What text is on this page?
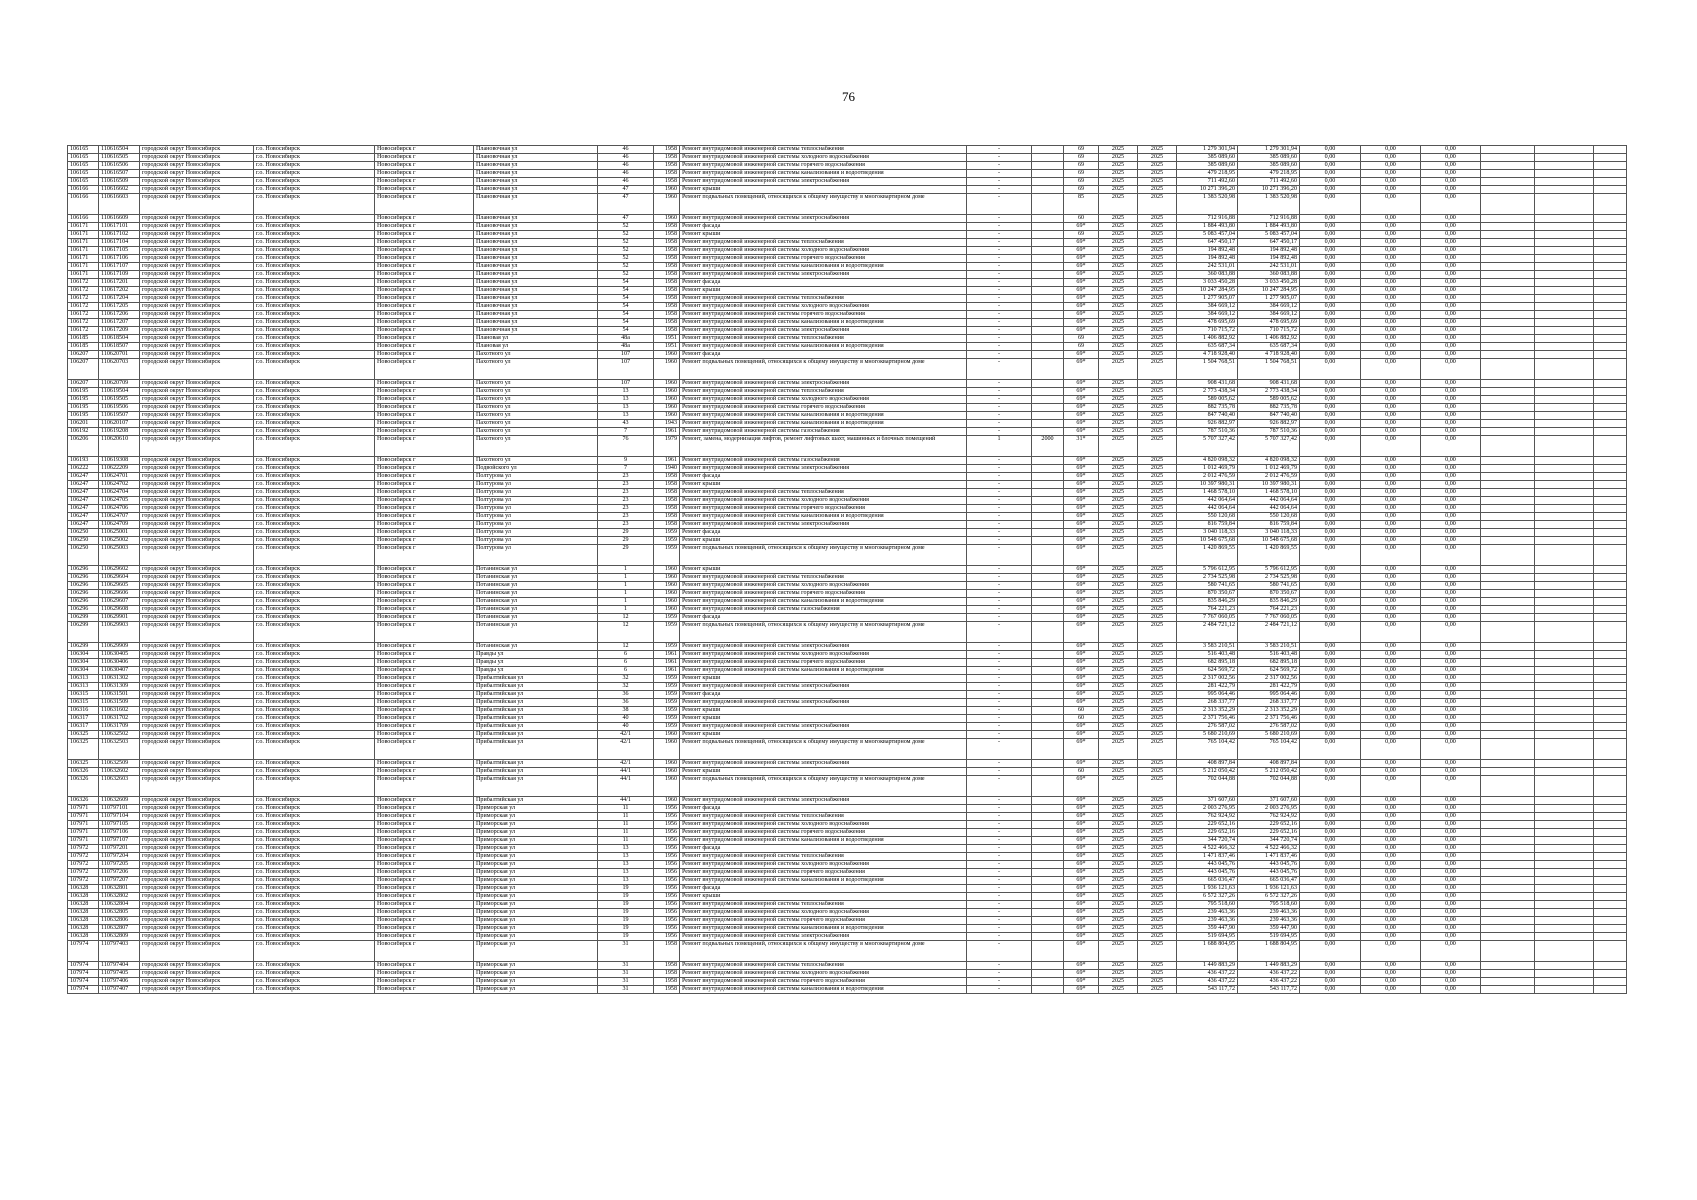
76
106165	110616504	городской округ Новосибирск	г.о. Новосибирск	Новосибирск г	Плановочная ул	46	1958	Ремонт внутридомовой инженерной системы теплоснабжения	-		69	2025	2025	1 279 301,94	1 279 301,94	0,00	0,00	0,00			
106165	110616505	городской округ Новосибирск	г.о. Новосибирск	Новосибирск г	Плановочная ул	46	1958	Ремонт внутридомовой инженерной системы холодного водоснабжения	-		69	2025	2025	385 089,60	385 089,60	0,00	0,00	0,00			
106165	110616506	городской округ Новосибирск	г.о. Новосибирск	Новосибирск г	Плановочная ул	46	1958	Ремонт внутридомовой инженерной системы горячего водоснабжения	-		69	2025	2025	385 089,60	385 089,60	0,00	0,00	0,00			
106165	110616507	городской округ Новосибирск	г.о. Новосибирск	Новосибирск г	Плановочная ул	46	1958	Ремонт внутридомовой инженерной системы канализования и водоотведения	-		69	2025	2025	479 218,95	479 218,95	0,00	0,00	0,00			
106165	110616509	городской округ Новосибирск	г.о. Новосибирск	Новосибирск г	Плановочная ул	46	1958	Ремонт внутридомовой инженерной системы электроснабжения	-		69	2025	2025	711 492,60	711 492,60	0,00	0,00	0,00			
106166	110616602	городской округ Новосибирск	г.о. Новосибирск	Новосибирск г	Плановочная ул	47	1960	Ремонт крыши	-		69	2025	2025	10 271 396,20	10 271 396,20	0,00	0,00	0,00			
106166	110616603	городской округ Новосибирск	г.о. Новосибирск	Новосибирск г	Плановочная ул	47	1960	Ремонт подвальных помещений, относящихся к общему имуществу в многоквартирном доме	-		85	2025	2025	1 383 520,98	1 383 520,98	0,00	0,00	0,00			
106166	110616609	городской округ Новосибирск	г.о. Новосибирск	Новосибирск г	Плановочная ул	47	1960	Ремонт внутридомовой инженерной системы электроснабжения	-		60	2025	2025	712 916,88	712 916,88	0,00	0,00	0,00			
106171	110617101	городской округ Новосибирск	г.о. Новосибирск	Новосибирск г	Плановочная ул	52	1958	Ремонт фасада	-		69*	2025	2025	1 884 493,80	1 884 493,80	0,00	0,00	0,00			
106171	110617102	городской округ Новосибирск	г.о. Новосибирск	Новосибирск г	Плановочная ул	52	1958	Ремонт крыши	-		69	2025	2025	5 083 457,04	5 083 457,04	0,00	0,00	0,00			
106171	110617104	городской округ Новосибирск	г.о. Новосибирск	Новосибирск г	Плановочная ул	52	1958	Ремонт внутридомовой инженерной системы теплоснабжения	-		69*	2025	2025	647 450,17	647 450,17	0,00	0,00	0,00			
106171	110617105	городской округ Новосибирск	г.о. Новосибирск	Новосибирск г	Плановочная ул	52	1958	Ремонт внутридомовой инженерной системы холодного водоснабжения	-		69*	2025	2025	194 892,48	194 892,48	0,00	0,00	0,00			
106171	110617106	городской округ Новосибирск	г.о. Новосибирск	Новосибирск г	Плановочная ул	52	1958	Ремонт внутридомовой инженерной системы горячего водоснабжения	-		69*	2025	2025	194 892,48	194 892,48	0,00	0,00	0,00			
106171	110617107	городской округ Новосибирск	г.о. Новосибирск	Новосибирск г	Плановочная ул	52	1958	Ремонт внутридомовой инженерной системы канализования и водоотведения	-		69*	2025	2025	242 531,01	242 531,01	0,00	0,00	0,00			
106171	110617109	городской округ Новосибирск	г.о. Новосибирск	Новосибирск г	Плановочная ул	52	1958	Ремонт внутридомовой инженерной системы электроснабжения	-		69*	2025	2025	360 083,88	360 083,88	0,00	0,00	0,00			
106172	110617201	городской округ Новосибирск	г.о. Новосибирск	Новосибирск г	Плановочная ул	54	1958	Ремонт фасада	-		69*	2025	2025	3 033 450,28	3 033 450,28	0,00	0,00	0,00			
106172	110617202	городской округ Новосибирск	г.о. Новосибирск	Новосибирск г	Плановочная ул	54	1958	Ремонт крыши	-		69*	2025	2025	10 247 284,95	10 247 284,95	0,00	0,00	0,00			
106172	110617204	городской округ Новосибирск	г.о. Новосибирск	Новосибирск г	Плановочная ул	54	1958	Ремонт внутридомовой инженерной системы теплоснабжения	-		69*	2025	2025	1 277 905,07	1 277 905,07	0,00	0,00	0,00			
106172	110617205	городской округ Новосибирск	г.о. Новосибирск	Новосибирск г	Плановочная ул	54	1958	Ремонт внутридомовой инженерной системы холодного водоснабжения	-		69*	2025	2025	384 669,12	384 669,12	0,00	0,00	0,00			
106172	110617206	городской округ Новосибирск	г.о. Новосибирск	Новосибирск г	Плановочная ул	54	1958	Ремонт внутридомовой инженерной системы горячего водоснабжения	-		69*	2025	2025	384 669,12	384 669,12	0,00	0,00	0,00			
106172	110617207	городской округ Новосибирск	г.о. Новосибирск	Новосибирск г	Плановочная ул	54	1958	Ремонт внутридомовой инженерной системы канализования и водоотведения	-		69*	2025	2025	478 695,69	478 695,69	0,00	0,00	0,00			
106172	110617209	городской округ Новосибирск	г.о. Новосибирск	Новосибирск г	Плановочная ул	54	1958	Ремонт внутридомовой инженерной системы электроснабжения	-		69*	2025	2025	710 715,72	710 715,72	0,00	0,00	0,00			
106185	110618504	городской округ Новосибирск	г.о. Новосибирск	Новосибирск г	Плановая ул	48а	1951	Ремонт внутридомовой инженерной системы теплоснабжения	-		69	2025	2025	1 406 882,92	1 406 882,92	0,00	0,00	0,00			
106185	110618507	городской округ Новосибирск	г.о. Новосибирск	Новосибирск г	Плановая ул	48а	1951	Ремонт внутридомовой инженерной системы канализования и водоотведения	-		69	2025	2025	635 687,34	635 687,34	0,00	0,00	0,00			
106207	110620701	городской округ Новосибирск	г.о. Новосибирск	Новосибирск г	Пахотного ул	107	1960	Ремонт фасада	-		69*	2025	2025	4 718 928,40	4 718 928,40	0,00	0,00	0,00			
106207	110620703	городской округ Новосибирск	г.о. Новосибирск	Новосибирск г	Пахотного ул	107	1960	Ремонт подвальных помещений, относящихся к общему имуществу в многоквартирном доме	-		69*	2025	2025	1 504 768,51	1 504 768,51	0,00	0,00	0,00			
106207	110620709	городской округ Новосибирск	г.о. Новосибирск	Новосибирск г	Пахотного ул	107	1960	Ремонт внутридомовой инженерной системы электроснабжения	-		69*	2025	2025	908 431,68	908 431,68	0,00	0,00	0,00			
106195	110619504	городской округ Новосибирск	г.о. Новосибирск	Новосибирск г	Пахотного ул	13	1960	Ремонт внутридомовой инженерной системы теплоснабжения	-		69*	2025	2025	2 773 438,34	2 773 438,34	0,00	0,00	0,00			
106195	110619505	городской округ Новосибирск	г.о. Новосибирск	Новосибирск г	Пахотного ул	13	1960	Ремонт внутридомовой инженерной системы холодного водоснабжения	-		69*	2025	2025	589 005,62	589 005,62	0,00	0,00	0,00			
106195	110619506	городской округ Новосибирск	г.о. Новосибирск	Новосибирск г	Пахотного ул	13	1960	Ремонт внутридомовой инженерной системы горячего водоснабжения	-		69*	2025	2025	882 735,78	882 735,78	0,00	0,00	0,00			
106195	110619507	городской округ Новосибирск	г.о. Новосибирск	Новосибирск г	Пахотного ул	13	1960	Ремонт внутридомовой инженерной системы канализования и водоотведения	-		69*	2025	2025	847 740,40	847 740,40	0,00	0,00	0,00			
106201	110620107	городской округ Новосибирск	г.о. Новосибирск	Новосибирск г	Пахотного ул	43	1943	Ремонт внутридомовой инженерной системы канализования и водоотведения	-		69*	2025	2025	926 882,97	926 882,97	0,00	0,00	0,00			
106192	110619208	городской округ Новосибирск	г.о. Новосибирск	Новосибирск г	Пахотного ул	7	1961	Ремонт внутридомовой инженерной системы газоснабжения	-		69*	2025	2025	787 510,36	787 510,36	0,00	0,00	0,00			
106206	110620610	городской округ Новосибирск	г.о. Новосибирск	Новосибирск г	Пахотного ул	76	1979	Ремонт, замена, модернизация лифтов, ремонт лифтовых шахт, машинных и блочных помещений	1	2000	31*	2025	2025	5 707 327,42	5 707 327,42	0,00	0,00	0,00			
106193	110619308	городской округ Новосибирск	г.о. Новосибирск	Новосибирск г	Пахотного ул	9	1961	Ремонт внутридомовой инженерной системы газоснабжения	-		69*	2025	2025	4 820 098,32	4 820 098,32	0,00	0,00	0,00			
106222	110622209	городской округ Новосибирск	г.о. Новосибирск	Новосибирск г	Подвойского ул	7	1940	Ремонт внутридомовой инженерной системы электроснабжения	-		69*	2025	2025	1 012 469,79	1 012 469,79	0,00	0,00	0,00			
106247	110624701	городской округ Новосибирск	г.о. Новосибирск	Новосибирск г	Полтурова ул	23	1958	Ремонт фасада	-		69*	2025	2025	2 012 476,59	2 012 476,59	0,00	0,00	0,00			
106247	110624702	городской округ Новосибирск	г.о. Новосибирск	Новосибирск г	Полтурова ул	23	1958	Ремонт крыши	-		69*	2025	2025	10 397 980,31	10 397 980,31	0,00	0,00	0,00			
106247	110624704	городской округ Новосибирск	г.о. Новосибирск	Новосибирск г	Полтурова ул	23	1958	Ремонт внутридомовой инженерной системы теплоснабжения	-		69*	2025	2025	1 468 578,10	1 468 578,10	0,00	0,00	0,00			
106247	110624705	городской округ Новосибирск	г.о. Новосибирск	Новосибирск г	Полтурова ул	23	1958	Ремонт внутридомовой инженерной системы холодного водоснабжения	-		69*	2025	2025	442 064,64	442 064,64	0,00	0,00	0,00			
106247	110624706	городской округ Новосибирск	г.о. Новосибирск	Новосибирск г	Полтурова ул	23	1958	Ремонт внутридомовой инженерной системы горячего водоснабжения	-		69*	2025	2025	442 064,64	442 064,64	0,00	0,00	0,00			
106247	110624707	городской округ Новосибирск	г.о. Новосибирск	Новосибирск г	Полтурова ул	23	1958	Ремонт внутридомовой инженерной системы канализования и водоотведения	-		69*	2025	2025	550 120,68	550 120,68	0,00	0,00	0,00			
106247	110624709	городской округ Новосибирск	г.о. Новосибирск	Новосибирск г	Полтурова ул	23	1958	Ремонт внутридомовой инженерной системы электроснабжения	-		69*	2025	2025	816 759,84	816 759,84	0,00	0,00	0,00			
106250	110625001	городской округ Новосибирск	г.о. Новосибирск	Новосибирск г	Полтурова ул	29	1959	Ремонт фасада	-		69*	2025	2025	3 040 118,33	3 040 118,33	0,00	0,00	0,00			
106250	110625002	городской округ Новосибирск	г.о. Новосибирск	Новосибирск г	Полтурова ул	29	1959	Ремонт крыши	-		69*	2025	2025	10 548 675,68	10 548 675,68	0,00	0,00	0,00			
106250	110625003	городской округ Новосибирск	г.о. Новосибирск	Новосибирск г	Полтурова ул	29	1959	Ремонт подвальных помещений, относящихся к общему имуществу в многоквартирном доме	-		69*	2025	2025	1 420 869,55	1 420 869,55	0,00	0,00	0,00			
106296	110629602	городской округ Новосибирск	г.о. Новосибирск	Новосибирск г	Потанинская ул	1	1960	Ремонт крыши	-		69*	2025	2025	5 796 612,95	5 796 612,95	0,00	0,00	0,00			
106296	110629604	городской округ Новосибирск	г.о. Новосибирск	Новосибирск г	Потанинская ул	1	1960	Ремонт внутридомовой инженерной системы теплоснабжения	-		69*	2025	2025	2 734 525,98	2 734 525,98	0,00	0,00	0,00			
106296	110629605	городской округ Новосибирск	г.о. Новосибирск	Новосибирск г	Потанинская ул	1	1960	Ремонт внутридомовой инженерной системы холодного водоснабжения	-		69*	2025	2025	580 741,65	580 741,65	0,00	0,00	0,00			
106296	110629606	городской округ Новосибирск	г.о. Новосибирск	Новосибирск г	Потанинская ул	1	1960	Ремонт внутридомовой инженерной системы горячего водоснабжения	-		69*	2025	2025	870 350,67	870 350,67	0,00	0,00	0,00			
106296	110629607	городской округ Новосибирск	г.о. Новосибирск	Новосибирск г	Потанинская ул	1	1960	Ремонт внутридомовой инженерной системы канализования и водоотведения	-		69*	2025	2025	835 846,29	835 846,29	0,00	0,00	0,00			
106296	110629608	городской округ Новосибирск	г.о. Новосибирск	Новосибирск г	Потанинская ул	1	1960	Ремонт внутридомовой инженерной системы газоснабжения	-		69*	2025	2025	764 221,23	764 221,23	0,00	0,00	0,00			
106299	110629901	городской округ Новосибирск	г.о. Новосибирск	Новосибирск г	Потанинская ул	12	1959	Ремонт фасада	-		69*	2025	2025	7 767 060,05	7 767 060,05	0,00	0,00	0,00			
106299	110629903	городской округ Новосибирск	г.о. Новосибирск	Новосибирск г	Потанинская ул	12	1959	Ремонт подвальных помещений, относящихся к общему имуществу в многоквартирном доме	-		69*	2025	2025	2 484 721,12	2 484 721,12	0,00	0,00	0,00			
106299	110629909	городской округ Новосибирск	г.о. Новосибирск	Новосибирск г	Потанинская ул	12	1959	Ремонт внутридомовой инженерной системы электроснабжения	-		69*	2025	2025	3 583 210,51	3 583 210,51	0,00	0,00	0,00			
106304	110630405	городской округ Новосибирск	г.о. Новосибирск	Новосибирск г	Правды ул	6	1961	Ремонт внутридомовой инженерной системы холодного водоснабжения	-		69*	2025	2025	516 403,48	516 403,48	0,00	0,00	0,00			
106304	110630406	городской округ Новосибирск	г.о. Новосибирск	Новосибирск г	Правды ул	6	1961	Ремонт внутридомовой инженерной системы горячего водоснабжения	-		69*	2025	2025	682 895,18	682 895,18	0,00	0,00	0,00			
106304	110630407	городской округ Новосибирск	г.о. Новосибирск	Новосибирск г	Правды ул	6	1961	Ремонт внутридомовой инженерной системы канализования и водоотведения	-		69*	2025	2025	624 569,72	624 569,72	0,00	0,00	0,00			
106313	110631302	городской округ Новосибирск	г.о. Новосибирск	Новосибирск г	Прибалтийская ул	32	1959	Ремонт крыши	-		69*	2025	2025	2 317 002,56	2 317 002,56	0,00	0,00	0,00			
106313	110631309	городской округ Новосибирск	г.о. Новосибирск	Новосибирск г	Прибалтийская ул	32	1959	Ремонт внутридомовой инженерной системы электроснабжения	-		69*	2025	2025	281 422,79	281 422,79	0,00	0,00	0,00			
106315	110631501	городской округ Новосибирск	г.о. Новосибирск	Новосибирск г	Прибалтийская ул	36	1959	Ремонт фасада	-		69*	2025	2025	995 064,46	995 064,46	0,00	0,00	0,00			
106315	110631509	городской округ Новосибирск	г.о. Новосибирск	Новосибирск г	Прибалтийская ул	36	1959	Ремонт внутридомовой инженерной системы электроснабжения	-		69*	2025	2025	268 337,77	268 337,77	0,00	0,00	0,00			
106316	110631602	городской округ Новосибирск	г.о. Новосибирск	Новосибирск г	Прибалтийская ул	38	1959	Ремонт крыши	-		60	2025	2025	2 313 352,29	2 313 352,29	0,00	0,00	0,00			
106317	110631702	городской округ Новосибирск	г.о. Новосибирск	Новосибирск г	Прибалтийская ул	40	1959	Ремонт крыши	-		60	2025	2025	2 371 756,46	2 371 756,46	0,00	0,00	0,00			
106317	110631709	городской округ Новосибирск	г.о. Новосибирск	Новосибирск г	Прибалтийская ул	40	1959	Ремонт внутридомовой инженерной системы электроснабжения	-		69*	2025	2025	276 587,02	276 587,02	0,00	0,00	0,00			
106325	110632502	городской округ Новосибирск	г.о. Новосибирск	Новосибирск г	Прибалтийская ул	42/1	1960	Ремонт крыши	-		69*	2025	2025	5 680 210,69	5 680 210,69	0,00	0,00	0,00			
106325	110632503	городской округ Новосибирск	г.о. Новосибирск	Новосибирск г	Прибалтийская ул	42/1	1960	Ремонт подвальных помещений, относящихся к общему имуществу в многоквартирном доме	-		69*	2025	2025	765 104,42	765 104,42	0,00	0,00	0,00			
106325	110632509	городской округ Новосибирск	г.о. Новосибирск	Новосибирск г	Прибалтийская ул	42/1	1960	Ремонт внутридомовой инженерной системы электроснабжения	-		69*	2025	2025	408 897,84	408 897,84	0,00	0,00	0,00			
106326	110632602	городской округ Новосибирск	г.о. Новосибирск	Новосибирск г	Прибалтийская ул	44/1	1960	Ремонт крыши	-		60	2025	2025	5 212 050,42	5 212 050,42	0,00	0,00	0,00			
106326	110632603	городской округ Новосибирск	г.о. Новосибирск	Новосибирск г	Прибалтийская ул	44/1	1960	Ремонт подвальных помещений, относящихся к общему имуществу в многоквартирном доме	-		69*	2025	2025	702 044,88	702 044,88	0,00	0,00	0,00			
106326	110632609	городской округ Новосибирск	г.о. Новосибирск	Новосибирск г	Прибалтийская ул	44/1	1960	Ремонт внутридомовой инженерной системы электроснабжения	-		69*	2025	2025	371 607,60	371 607,60	0,00	0,00	0,00			
107971	110797101	городской округ Новосибирск	г.о. Новосибирск	Новосибирск г	Приморская ул	11	1956	Ремонт фасада	-		69*	2025	2025	2 003 276,95	2 003 276,95	0,00	0,00	0,00			
107971	110797104	городской округ Новосибирск	г.о. Новосибирск	Новосибирск г	Приморская ул	11	1956	Ремонт внутридомовой инженерной системы теплоснабжения	-		69*	2025	2025	762 924,92	762 924,92	0,00	0,00	0,00			
107971	110797105	городской округ Новосибирск	г.о. Новосибирск	Новосибирск г	Приморская ул	11	1956	Ремонт внутридомовой инженерной системы холодного водоснабжения	-		69*	2025	2025	229 652,16	229 652,16	0,00	0,00	0,00			
107971	110797106	городской округ Новосибирск	г.о. Новосибирск	Новосибирск г	Приморская ул	11	1956	Ремонт внутридомовой инженерной системы горячего водоснабжения	-		69*	2025	2025	229 652,16	229 652,16	0,00	0,00	0,00			
107971	110797107	городской округ Новосибирск	г.о. Новосибирск	Новосибирск г	Приморская ул	11	1956	Ремонт внутридомовой инженерной системы канализования и водоотведения	-		69*	2025	2025	344 720,74	344 720,74	0,00	0,00	0,00			
107972	110797201	городской округ Новосибирск	г.о. Новосибирск	Новосибирск г	Приморская ул	13	1956	Ремонт фасада	-		69*	2025	2025	4 522 466,32	4 522 466,32	0,00	0,00	0,00			
107972	110797204	городской округ Новосибирск	г.о. Новосибирск	Новосибирск г	Приморская ул	13	1956	Ремонт внутридомовой инженерной системы теплоснабжения	-		69*	2025	2025	1 471 837,46	1 471 837,46	0,00	0,00	0,00			
107972	110797205	городской округ Новосибирск	г.о. Новосибирск	Новосибирск г	Приморская ул	13	1956	Ремонт внутридомовой инженерной системы холодного водоснабжения	-		69*	2025	2025	443 045,76	443 045,76	0,00	0,00	0,00			
107972	110797206	городской округ Новосибирск	г.о. Новосибирск	Новосибирск г	Приморская ул	13	1956	Ремонт внутридомовой инженерной системы горячего водоснабжения	-		69*	2025	2025	443 045,76	443 045,76	0,00	0,00	0,00			
107972	110797207	городской округ Новосибирск	г.о. Новосибирск	Новосибирск г	Приморская ул	13	1956	Ремонт внутридомовой инженерной системы канализования и водоотведения	-		69*	2025	2025	665 036,47	665 036,47	0,00	0,00	0,00			
106328	110632801	городской округ Новосибирск	г.о. Новосибирск	Новосибирск г	Приморская ул	19	1956	Ремонт фасада	-		69*	2025	2025	1 936 121,63	1 936 121,63	0,00	0,00	0,00			
106328	110632802	городской округ Новосибирск	г.о. Новосибирск	Новосибирск г	Приморская ул	19	1956	Ремонт крыши	-		69*	2025	2025	6 572 327,26	6 572 327,26	0,00	0,00	0,00			
106328	110632804	городской округ Новосибирск	г.о. Новосибирск	Новосибирск г	Приморская ул	19	1956	Ремонт внутридомовой инженерной системы теплоснабжения	-		69*	2025	2025	795 518,60	795 518,60	0,00	0,00	0,00			
106328	110632805	городской округ Новосибирск	г.о. Новосибирск	Новосибирск г	Приморская ул	19	1956	Ремонт внутридомовой инженерной системы холодного водоснабжения	-		69*	2025	2025	239 463,36	239 463,36	0,00	0,00	0,00			
106328	110632806	городской округ Новосибирск	г.о. Новосибирск	Новосибирск г	Приморская ул	19	1956	Ремонт внутридомовой инженерной системы горячего водоснабжения	-		69*	2025	2025	239 463,36	239 463,36	0,00	0,00	0,00			
106328	110632807	городской округ Новосибирск	г.о. Новосибирск	Новосибирск г	Приморская ул	19	1956	Ремонт внутридомовой инженерной системы канализования и водоотведения	-		69*	2025	2025	359 447,90	359 447,90	0,00	0,00	0,00			
106328	110632809	городской округ Новосибирск	г.о. Новосибирск	Новосибирск г	Приморская ул	19	1956	Ремонт внутридомовой инженерной системы электроснабжения	-		69*	2025	2025	519 694,95	519 694,95	0,00	0,00	0,00			
107974	110797403	городской округ Новосибирск	г.о. Новосибирск	Новосибирск г	Приморская ул	31	1958	Ремонт подвальных помещений, относящихся к общему имуществу в многоквартирном доме	-		69*	2025	2025	1 688 804,95	1 688 804,95	0,00	0,00	0,00			
107974	110797404	городской округ Новосибирск	г.о. Новосибирск	Новосибирск г	Приморская ул	31	1958	Ремонт внутридомовой инженерной системы теплоснабжения	-		69*	2025	2025	1 449 883,29	1 449 883,29	0,00	0,00	0,00			
107974	110797405	городской округ Новосибирск	г.о. Новосибирск	Новосибирск г	Приморская ул	31	1958	Ремонт внутридомовой инженерной системы холодного водоснабжения	-		69*	2025	2025	436 437,22	436 437,22	0,00	0,00	0,00			
107974	110797406	городской округ Новосибирск	г.о. Новосибирск	Новосибирск г	Приморская ул	31	1958	Ремонт внутридомовой инженерной системы горячего водоснабжения	-		69*	2025	2025	436 437,22	436 437,22	0,00	0,00	0,00			
107974	110797407	городской округ Новосибирск	г.о. Новосибирск	Новосибирск г	Приморская ул	31	1958	Ремонт внутридомовой инженерной системы канализования и водоотведения	-		69*	2025	2025	543 117,72	543 117,72	0,00	0,00	0,00			
